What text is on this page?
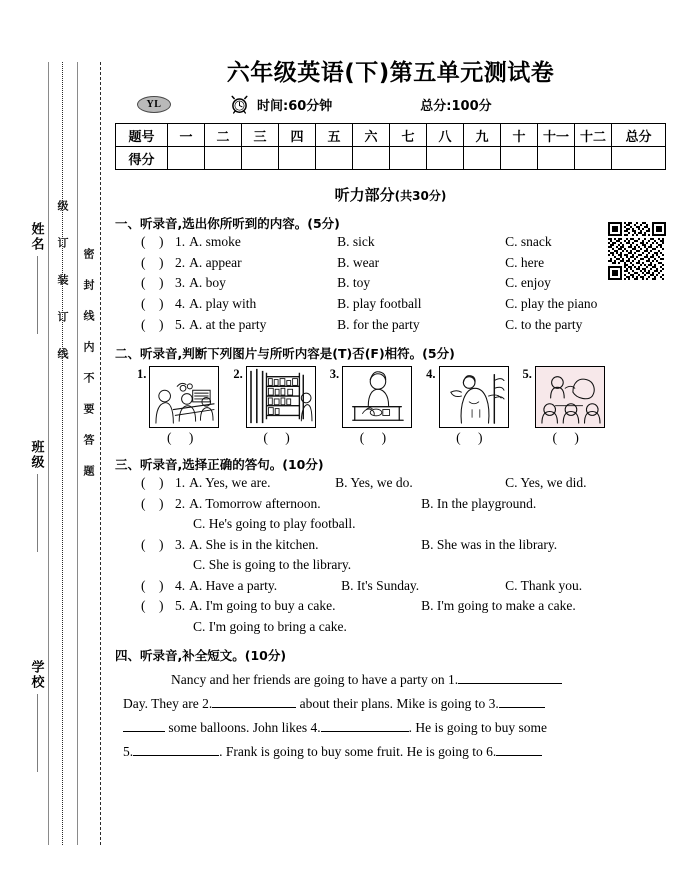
姓名
班级
学校
级订装订线 密封线内不要答题
六年级英语(下)第五单元测试卷
YL	时间:60分钟	总分:100分
题号	一	二	三	四	五	六	七	八	九	十	十一	十二	总分
得分													
听力部分(共30分)
一、听录音,选出你所听到的内容。(5分)
(    ) 1. A. smoke	B. sick	C. snack
(    ) 2. A. appear	B. wear	C. here
(    ) 3. A. boy	B. toy	C. enjoy
(    ) 4. A. play with	B. play football	C. play the piano
(    ) 5. A. at the party	B. for the party	C. to the party
二、听录音,判断下列图片与所听内容是(T)否(F)相符。(5分)
1.
( )
2.
( )
3.
( )
4.
( )
5.
( )
三、听录音,选择正确的答句。(10分)
(    ) 1. A. Yes, we are.	B. Yes, we do.	C. Yes, we did.
(    ) 2. A. Tomorrow afternoon.	B. In the playground.
C. He's going to play football.
(    ) 3. A. She is in the kitchen.	B. She was in the library.
C. She is going to the library.
(    ) 4. A. Have a party.	B. It's Sunday.	C. Thank you.
(    ) 5. A. I'm going to buy a cake.	B. I'm going to make a cake.
C. I'm going to bring a cake.
四、听录音,补全短文。(10分)
Nancy and her friends are going to have a party on 1.
Day. They are 2.	about their plans. Mike is going to 3.
some balloons. John likes 4.	. He is going to buy some
5.	. Frank is going to buy some fruit. He is going to 6.
